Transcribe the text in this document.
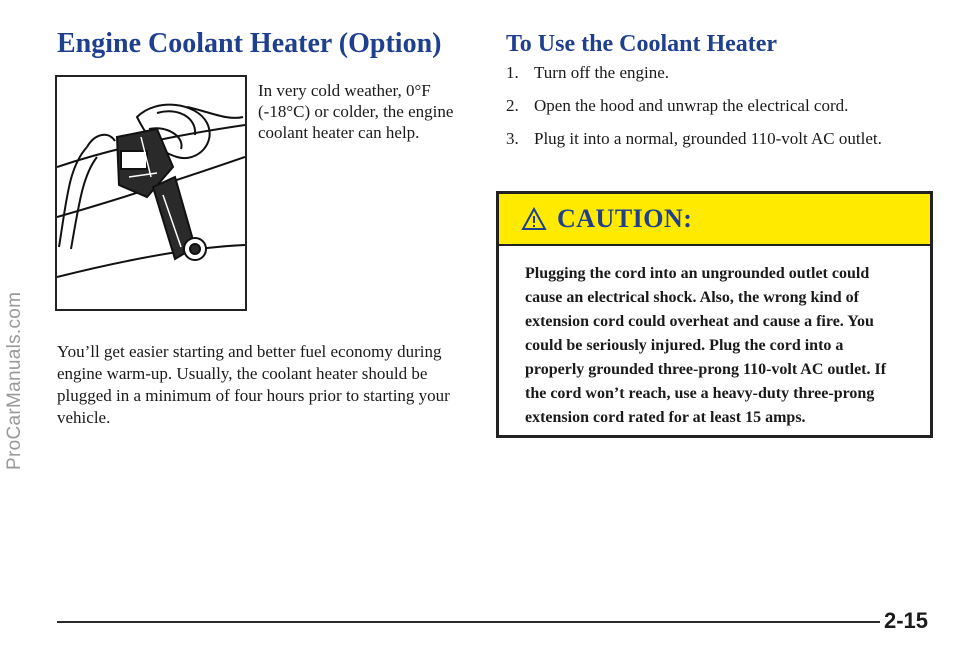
ProCarManuals.com
Engine Coolant Heater (Option)

In very cold weather, 0°F (-18°C) or colder, the engine coolant heater can help.

You’ll get easier starting and better fuel economy during engine warm-up. Usually, the coolant heater should be plugged in a minimum of four hours prior to starting your vehicle.

To Use the Coolant Heater
1. Turn off the engine.
2. Open the hood and unwrap the electrical cord.
3. Plug it into a normal, grounded 110-volt AC outlet.
CAUTION:

Plugging the cord into an ungrounded outlet could cause an electrical shock. Also, the wrong kind of extension cord could overheat and cause a fire. You could be seriously injured. Plug the cord into a properly grounded three-prong 110-volt AC outlet. If the cord won’t reach, use a heavy-duty three-prong extension cord rated for at least 15 amps.

2-15
